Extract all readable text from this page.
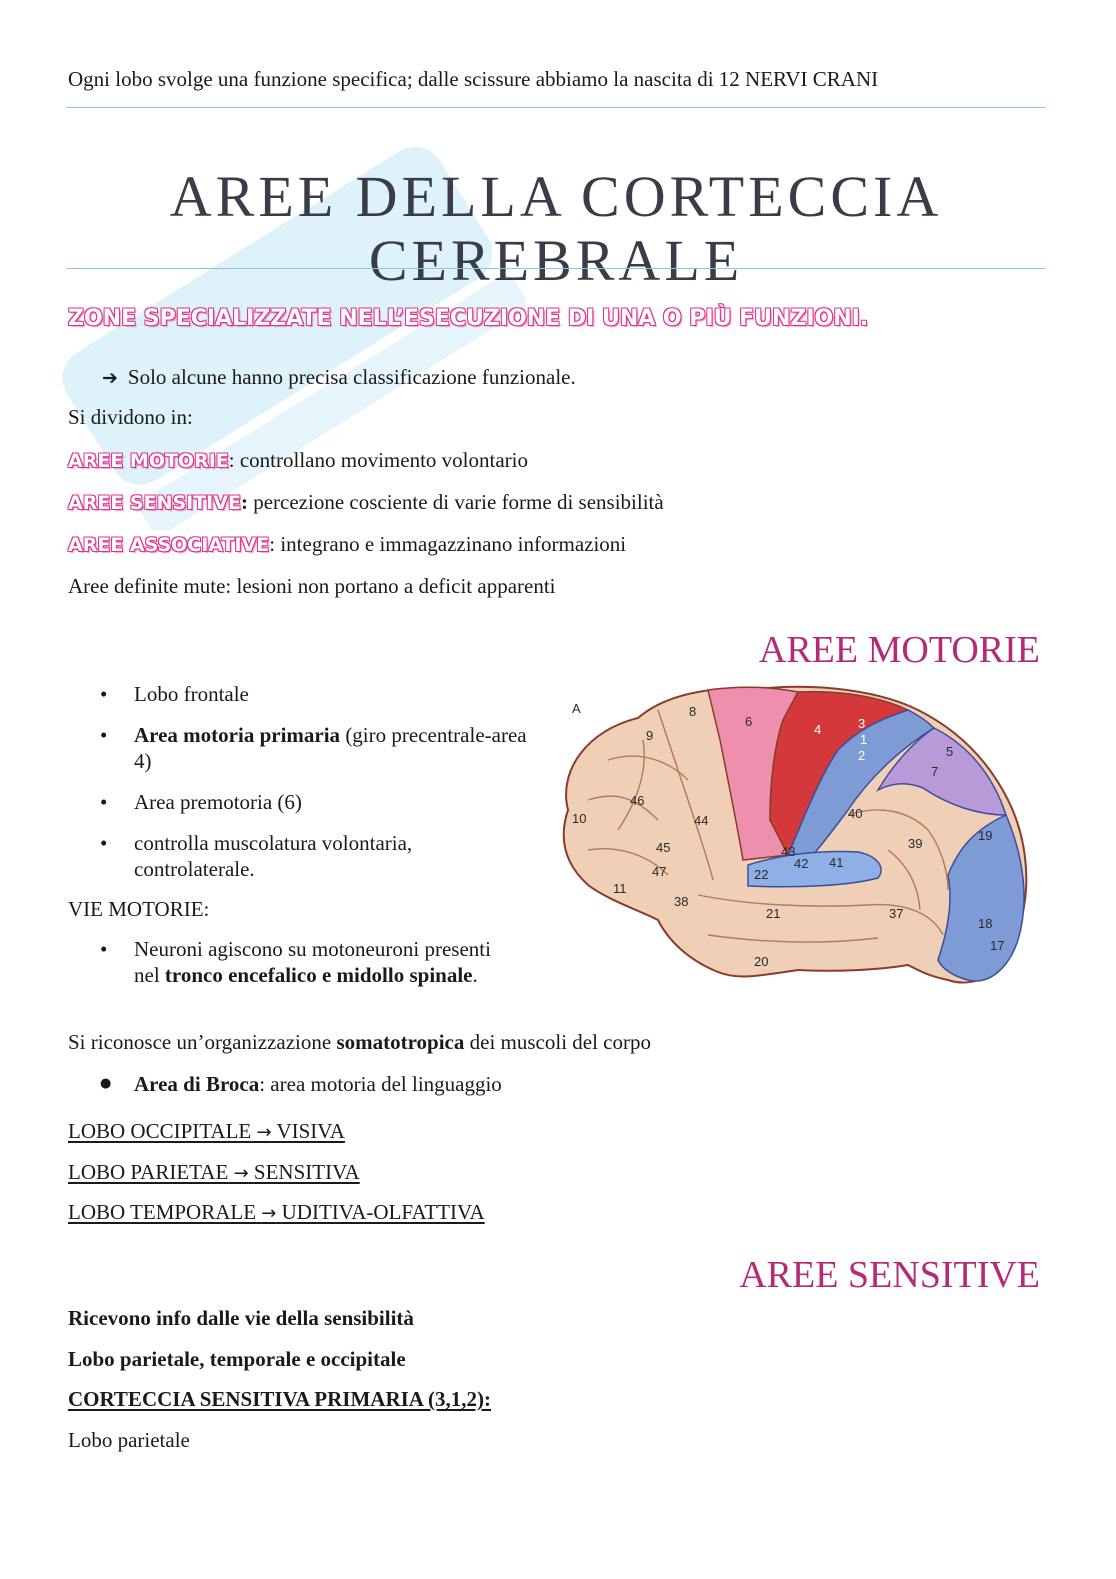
Ogni lobo svolge una funzione specifica; dalle scissure abbiamo la nascita di 12 NERVI CRANI
AREE DELLA CORTECCIA
CEREBRALE
ZONE SPECIALIZZATE NELL’ESECUZIONE DI UNA O PIÙ FUNZIONI.
➔ Solo alcune hanno precisa classificazione funzionale.
Si dividono in:
AREE MOTORIE: controllano movimento volontario
AREE SENSITIVE: percezione cosciente di varie forme di sensibilità
AREE ASSOCIATIVE: integrano e immagazzinano informazioni
Aree definite mute: lesioni non portano a deficit apparenti
AREE MOTORIE
• Lobo frontale
• Area motoria primaria (giro precentrale-area 4)
• Area premotoria (6)
• controlla muscolatura volontaria, controlaterale.
VIE MOTORIE:
• Neuroni agiscono su motoneuroni presenti nel tronco encefalico e midollo spinale.
Si riconosce un’organizzazione somatotropica dei muscoli del corpo
● Area di Broca: area motoria del linguaggio
LOBO OCCIPITALE → VISIVA
LOBO PARIETAE → SENSITIVA
LOBO TEMPORALE → UDITIVA-OLFATTIVA
AREE SENSITIVE
Ricevono info dalle vie della sensibilità
Lobo parietale, temporale e occipitale
CORTECCIA SENSITIVA PRIMARIA (3,1,2):
Lobo parietale
A	8
9
6
4	3
1
2	5
7
46
10	44
45
47
11
40
43
42 41
22
39
19
38
21	37
18
17
20
